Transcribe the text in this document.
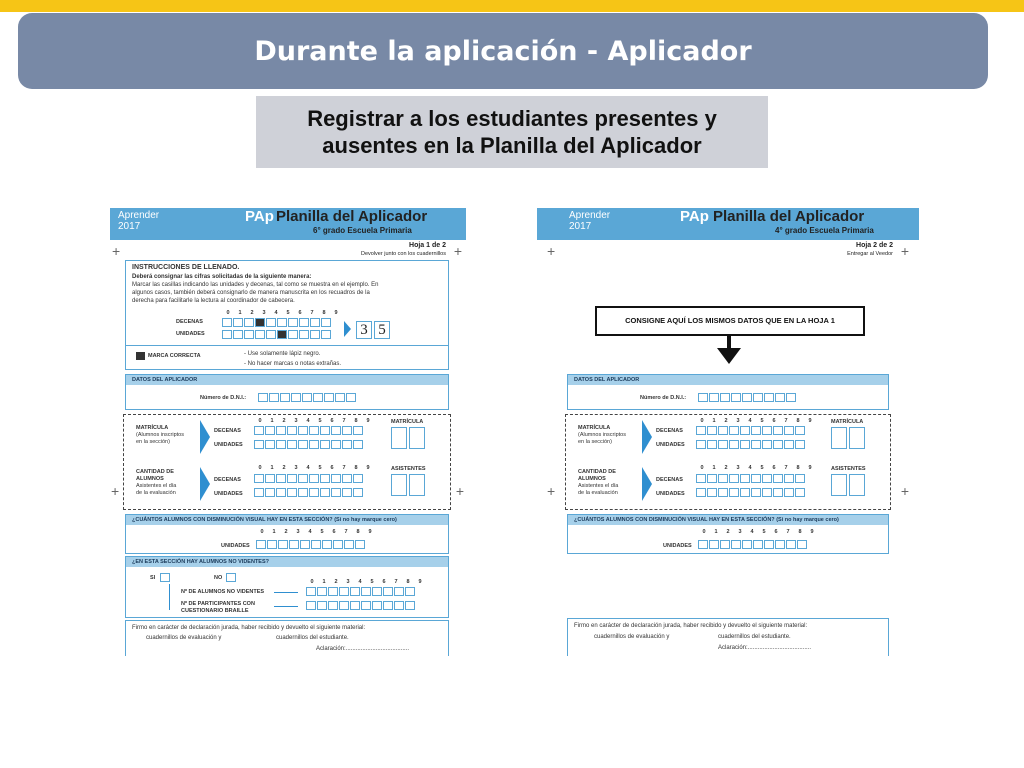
Durante la aplicación - Aplicador
Registrar a los estudiantes presentes y
ausentes en la Planilla del Aplicador
Aprender
2017
PAp Planilla del Aplicador
6° grado Escuela Primaria
Hoja 1 de 2
Devolver junto con los cuadernillos
+	+
INSTRUCCIONES DE LLENADO.
Deberá consignar las cifras solicitadas de la siguiente manera:
Marcar las casillas indicando las unidades y decenas, tal como se muestra en el ejemplo. En
algunos casos, también deberá consignarlo de manera manuscrita en los recuadros de la
derecha para facilitarle la lectura al coordinador de cabecera.
0	1	2	3	4	5	6	7	8	9
DECENAS
UNIDADES	3 5
MARCA CORRECTA	- Use solamente lápiz negro.
- No hacer marcas o notas extrañas.
DATOS DEL APLICADOR
Número de D.N.I.:
MATRÍCULA
(Alumnos inscriptos
en la sección)
0	1	2	3	4	5	6	7	8	9
DECENAS
UNIDADES
MATRÍCULA
CANTIDAD DE
ALUMNOS
Asistentes el día
de la evaluación
0	1	2	3	4	5	6	7	8	9
DECENAS
UNIDADES
ASISTENTES
+	+
¿CUÁNTOS ALUMNOS CON DISMINUCIÓN VISUAL HAY EN ESTA SECCIÓN? (Si no hay marque cero)
0	1	2	3	4	5	6	7	8	9
UNIDADES
¿EN ESTA SECCIÓN HAY ALUMNOS NO VIDENTES?
SI	NO
0	1	2	3	4	5	6	7	8	9
Nº DE ALUMNOS NO VIDENTES
Nº DE PARTICIPANTES CON
CUESTIONARIO BRAILLE
Firmo en carácter de declaración jurada, haber recibido y devuelto el siguiente material:
cuadernillos de evaluación y	cuadernillos del estudiante.
Aclaración:......................................
Aprender
2017
PAp Planilla del Aplicador
4° grado Escuela Primaria
Hoja 2 de 2
Entregar al Veedor
+	+
CONSIGNE AQUÍ LOS MISMOS DATOS QUE EN LA HOJA 1
DATOS DEL APLICADOR
Número de D.N.I.:
MATRÍCULA
(Alumnos inscriptos
en la sección)
0	1	2	3	4	5	6	7	8	9
DECENAS
UNIDADES
MATRÍCULA
CANTIDAD DE
ALUMNOS
Asistentes el día
de la evaluación
0	1	2	3	4	5	6	7	8	9
DECENAS
UNIDADES
ASISTENTES
+	+
¿CUÁNTOS ALUMNOS CON DISMINUCIÓN VISUAL HAY EN ESTA SECCIÓN? (Si no hay marque cero)
0	1	2	3	4	5	6	7	8	9
UNIDADES
Firmo en carácter de declaración jurada, haber recibido y devuelto el siguiente material:
cuadernillos de evaluación y	cuadernillos del estudiante.
Aclaración:......................................
